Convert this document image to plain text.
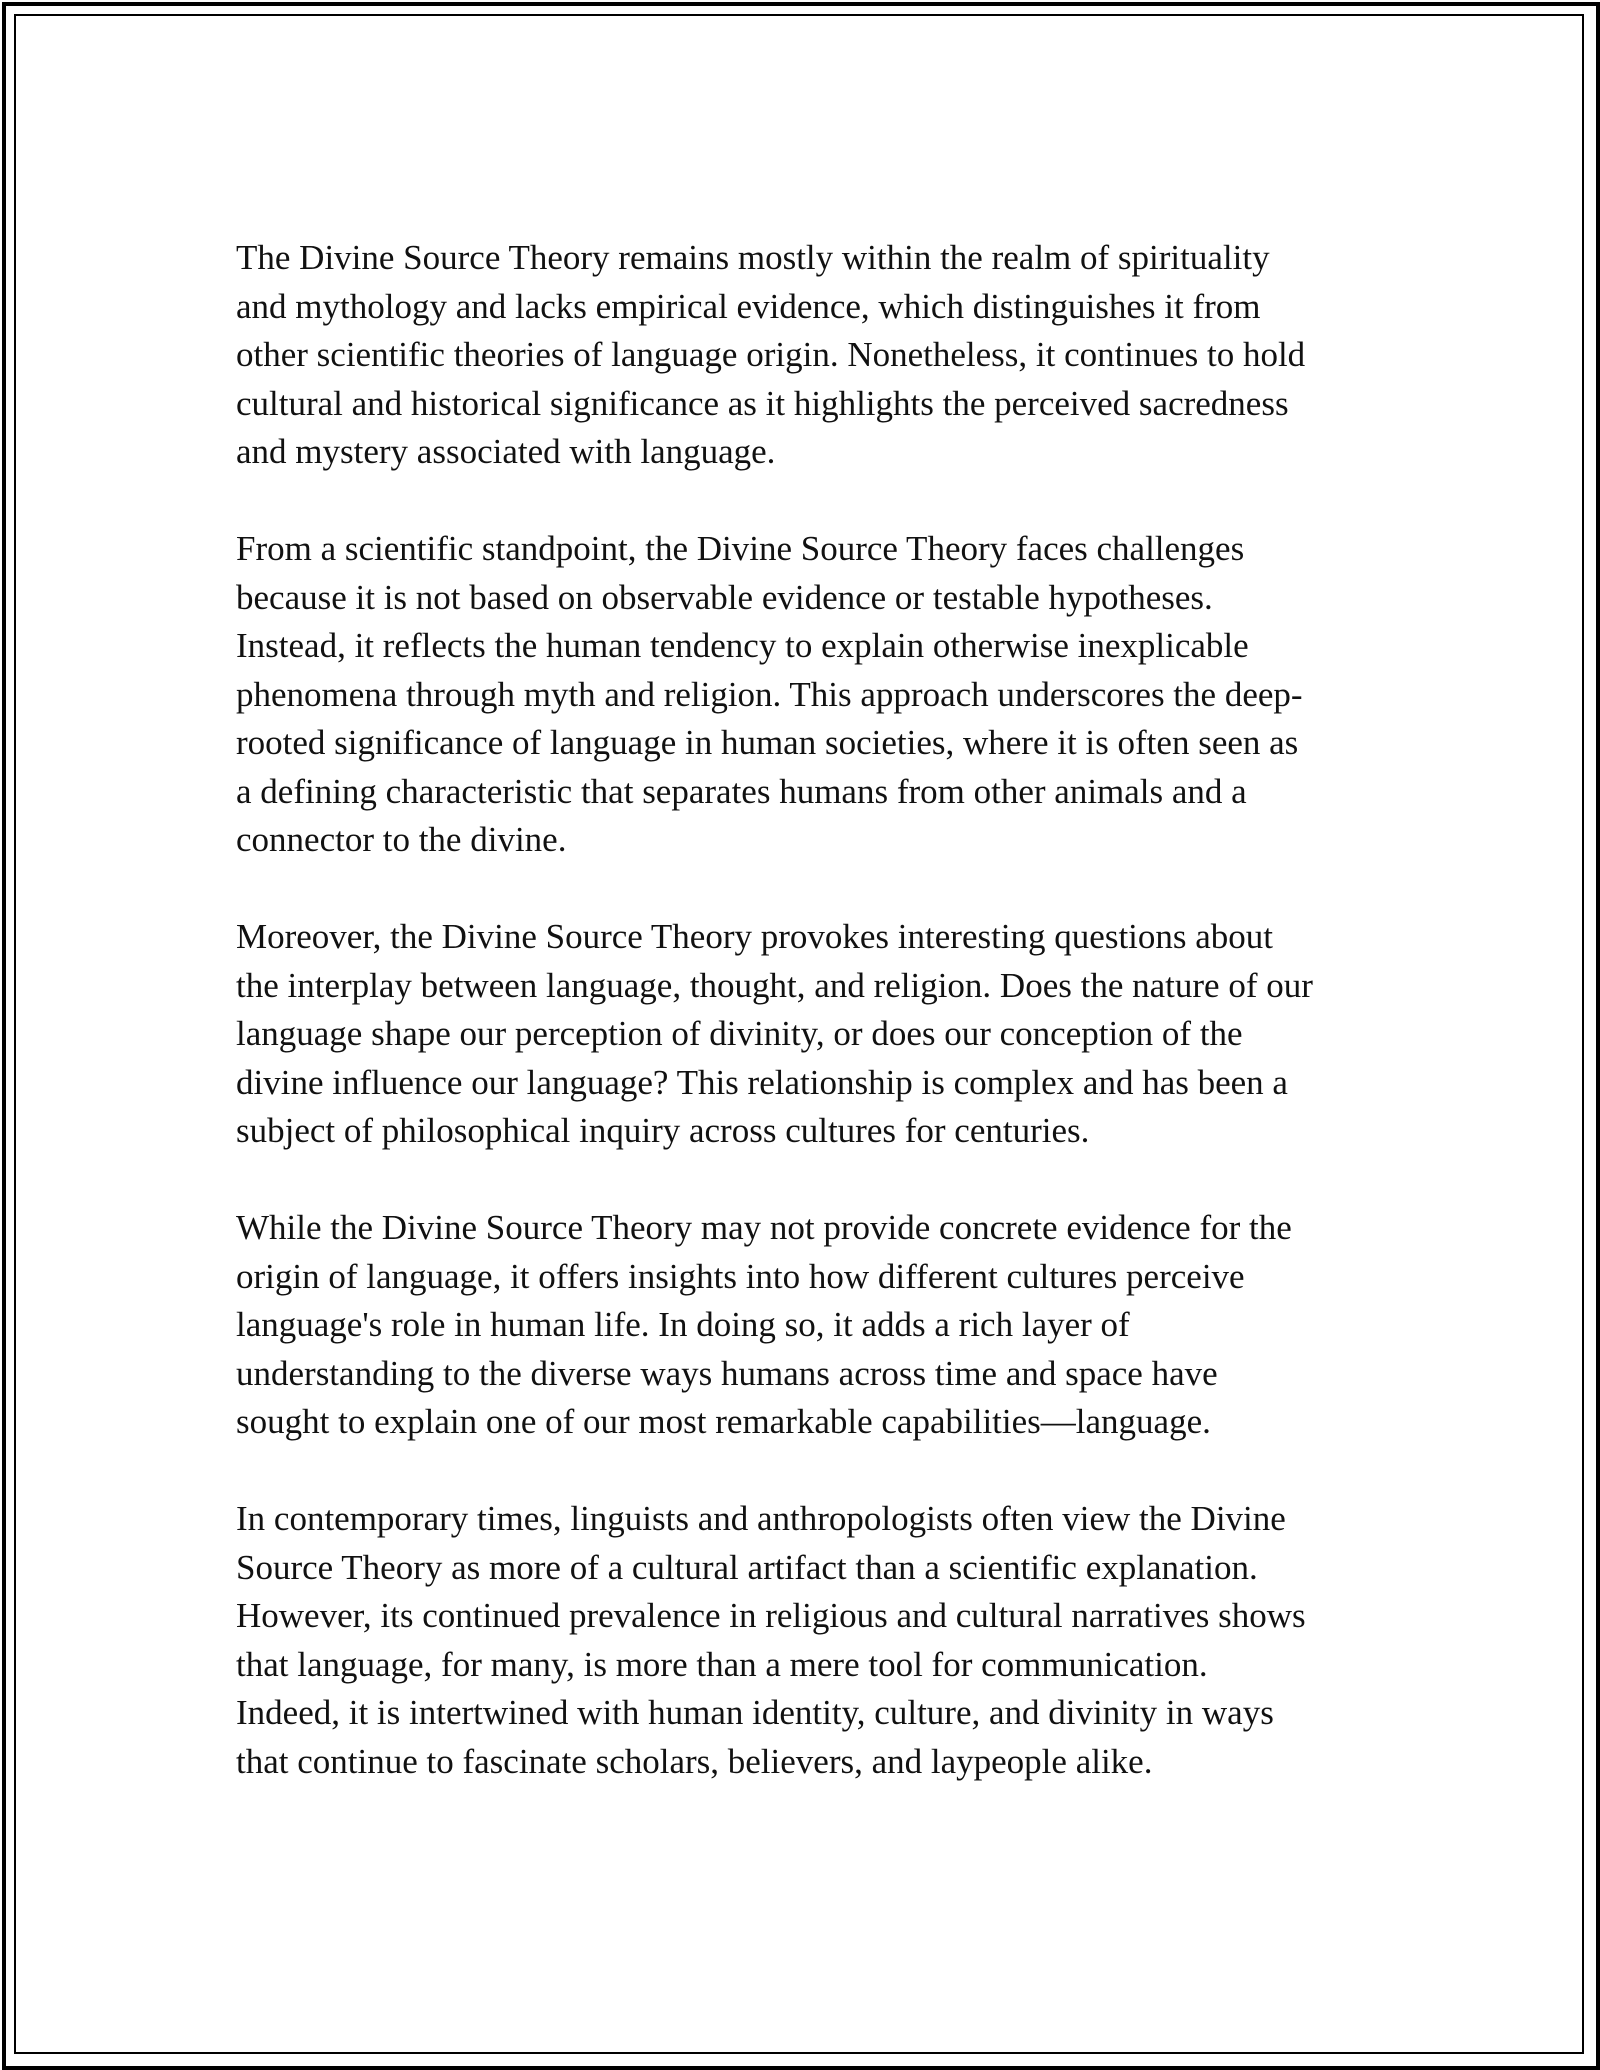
The Divine Source Theory remains mostly within the realm of spirituality
and mythology and lacks empirical evidence, which distinguishes it from
other scientific theories of language origin. Nonetheless, it continues to hold
cultural and historical significance as it highlights the perceived sacredness
and mystery associated with language.

From a scientific standpoint, the Divine Source Theory faces challenges
because it is not based on observable evidence or testable hypotheses.
Instead, it reflects the human tendency to explain otherwise inexplicable
phenomena through myth and religion. This approach underscores the deep-
rooted significance of language in human societies, where it is often seen as
a defining characteristic that separates humans from other animals and a
connector to the divine.

Moreover, the Divine Source Theory provokes interesting questions about
the interplay between language, thought, and religion. Does the nature of our
language shape our perception of divinity, or does our conception of the
divine influence our language? This relationship is complex and has been a
subject of philosophical inquiry across cultures for centuries.

While the Divine Source Theory may not provide concrete evidence for the
origin of language, it offers insights into how different cultures perceive
language's role in human life. In doing so, it adds a rich layer of
understanding to the diverse ways humans across time and space have
sought to explain one of our most remarkable capabilities—language.

In contemporary times, linguists and anthropologists often view the Divine
Source Theory as more of a cultural artifact than a scientific explanation.
However, its continued prevalence in religious and cultural narratives shows
that language, for many, is more than a mere tool for communication.
Indeed, it is intertwined with human identity, culture, and divinity in ways
that continue to fascinate scholars, believers, and laypeople alike.
